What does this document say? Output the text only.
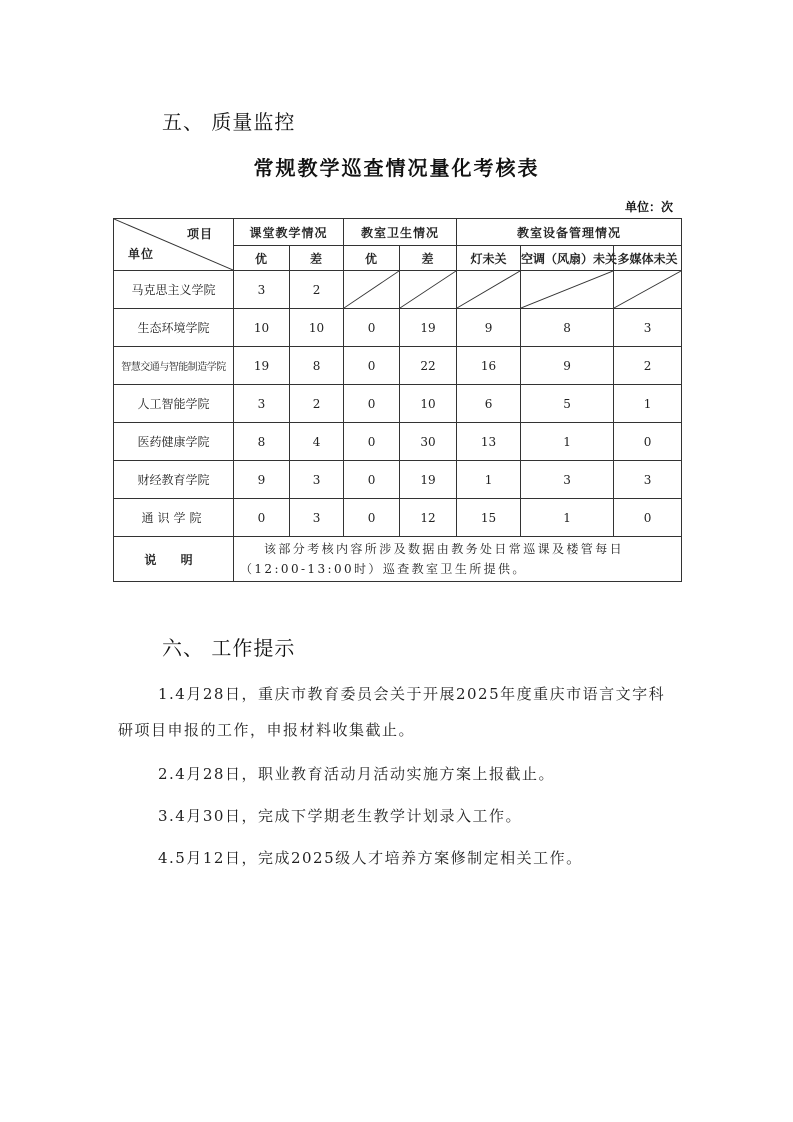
五、 质量监控
常规教学巡查情况量化考核表
单位：次
项目
单位	课堂教学情况		教室卫生情况		教室设备管理情况		
	优	差	优	差	灯未关	空调（风扇）未关	多媒体未关
马克思主义学院	3	2	

生态环境学院	10	10	0	19	9	8	3
智慧交通与智能制造学院	19	8	0	22	16	9	2
人工智能学院	3	2	0	10	6	5	1
医药健康学院	8	4	0	30	13	1	0
财经教育学院	9	3	0	19	1	3	3
通识学院	0	3	0	12	15	1	0
说 明	该部分考核内容所涉及数据由教务处日常巡课及楼管每日（12:00-13:00时）巡查教室卫生所提供。						
六、 工作提示

1.4月28日，重庆市教育委员会关于开展2025年度重庆市语言文字科研项目申报的工作，申报材料收集截止。

2.4月28日，职业教育活动月活动实施方案上报截止。
3.4月30日，完成下学期老生教学计划录入工作。
4.5月12日，完成2025级人才培养方案修制定相关工作。
